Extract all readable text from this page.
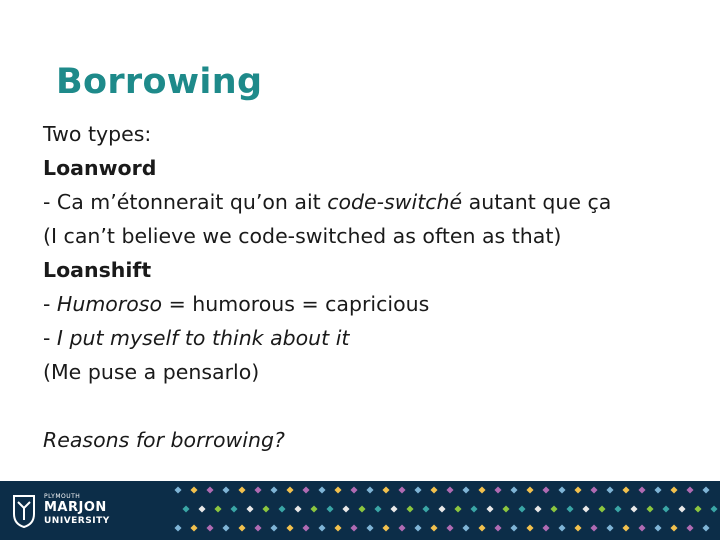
Borrowing
Two types:
Loanword
- Ca m’étonnerait qu’on ait code-switché autant que ça
(I can’t believe we code-switched as often as that)
Loanshift
- Humoroso = humorous = capricious
- I put myself to think about it
(Me puse a pensarlo)
Reasons for borrowing?
PLYMOUTH
MARJON
UNIVERSITY
